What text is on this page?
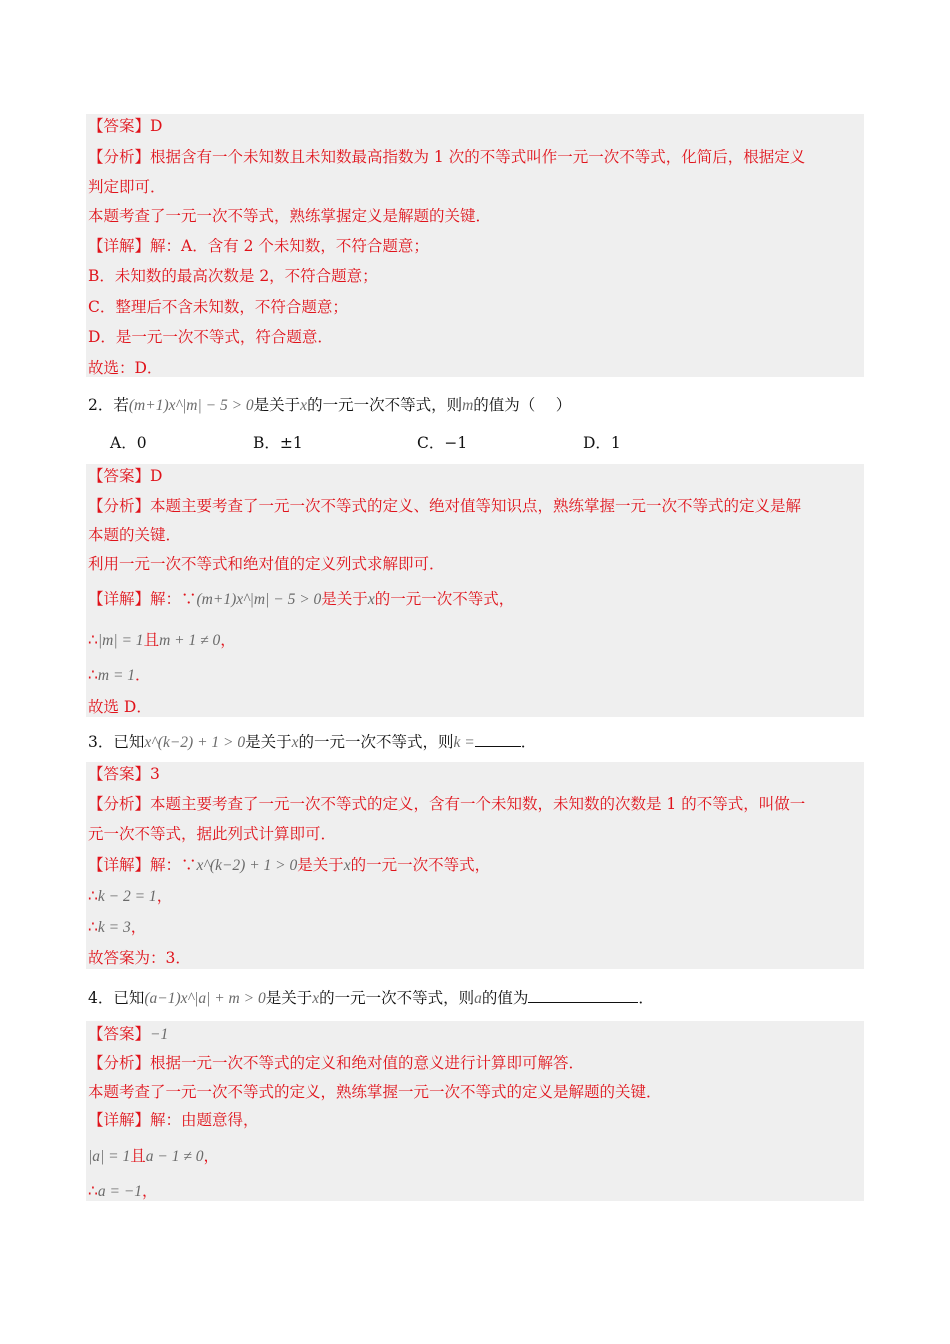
【答案】D
【分析】根据含有一个未知数且未知数最高指数为 1 次的不等式叫作一元一次不等式，化简后，根据定义
判定即可．
本题考查了一元一次不等式，熟练掌握定义是解题的关键．
【详解】解：A．含有 2 个未知数，不符合题意；
B．未知数的最高次数是 2，不符合题意；
C．整理后不含未知数，不符合题意；
D．是一元一次不等式，符合题意．
故选：D．
2．若(m+1)x^|m| − 5 > 0是关于x的一元一次不等式，则m的值为（　 ）
A．0	B．±1	C．−1	D．1
【答案】D
【分析】本题主要考查了一元一次不等式的定义、绝对值等知识点，熟练掌握一元一次不等式的定义是解
本题的关键．
利用一元一次不等式和绝对值的定义列式求解即可．
【详解】解：∵(m+1)x^|m| − 5 > 0是关于x的一元一次不等式，
∴|m| = 1且m + 1 ≠ 0，
∴m = 1．
故选 D．
3．已知x^(k−2) + 1 > 0是关于x的一元一次不等式，则k =	．
【答案】3
【分析】本题主要考查了一元一次不等式的定义，含有一个未知数，未知数的次数是 1 的不等式，叫做一
元一次不等式，据此列式计算即可．
【详解】解：∵x^(k−2) + 1 > 0是关于x的一元一次不等式，
∴k − 2 = 1，
∴k = 3，
故答案为：3．
4．已知(a−1)x^|a| + m > 0是关于x的一元一次不等式，则a的值为	．
【答案】−1
【分析】根据一元一次不等式的定义和绝对值的意义进行计算即可解答．
本题考查了一元一次不等式的定义，熟练掌握一元一次不等式的定义是解题的关键．
【详解】解：由题意得，
|a| = 1且a − 1 ≠ 0，
∴a = −1，
